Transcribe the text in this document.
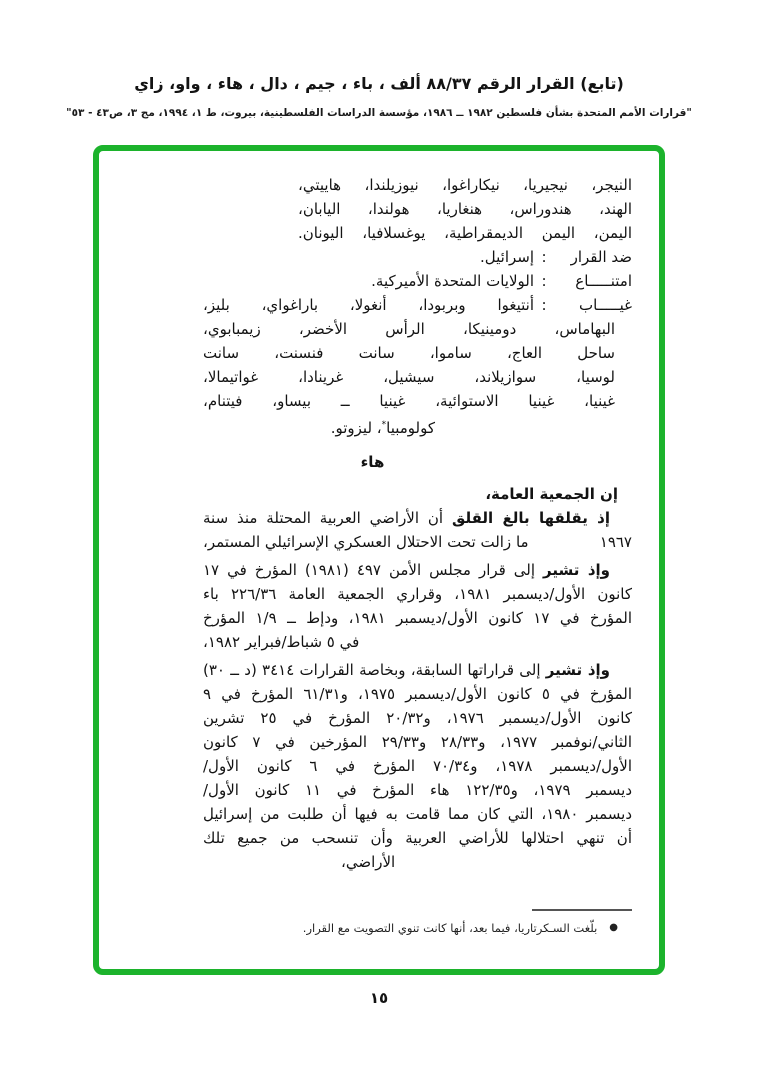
(تابع) القرار الرقم ٨٨/٣٧ ألف ، باء ، جيم ، دال ، هاء ، واو، زاي
"قرارات الأمم المتحدة بشأن فلسطين ١٩٨٢ ــ ١٩٨٦، مؤسسة الدراسات الفلسطينية، بيروت، ط ١، ١٩٩٤، مج ٣، ص٤٣ - ٥٣"
النيجر، نيجيريا، نيكاراغوا، نيوزيلندا، هاييتي،
الهند، هندوراس، هنغاريا، هولندا، اليابان،
اليمن، اليمن الديمقراطية، يوغسلافيا، اليونان.
ضد القرار
:
إسرائيل.
امتنـــــاع
:
الولايات المتحدة الأميركية.
غيـــــاب
:
أنتيغوا وبربودا، أنغولا، باراغواي، بليز،
البهاماس، دومينيكا، الرأس الأخضر، زيمبابوي،
ساحل العاج، ساموا، سانت فنسنت، سانت
لوسيا، سوازيلاند، سيشيل، غرينادا، غواتيمالا،
غينيا، غينيا الاستوائية، غينيا ــ بيساو، فيتنام،
كولومبيا*، ليزوتو.
هاء
إن الجمعية العامة،
إذ يقلقها بالغ القلق أن الأراضي العربية المحتلة منذ سنة ١٩٦٧
ما زالت تحت الاحتلال العسكري الإسرائيلي المستمر،
وإذ تشير إلى قرار مجلس الأمن ٤٩٧ (١٩٨١) المؤرخ في ١٧
كانون الأول/ديسمبر ١٩٨١، وقراري الجمعية العامة ٢٢٦/٣٦ باء
المؤرخ في ١٧ كانون الأول/ديسمبر ١٩٨١، ودإط ــ ١/٩ المؤرخ
في ٥ شباط/فبراير ١٩٨٢،
وإذ تشير إلى قراراتها السابقة، وبخاصة القرارات ٣٤١٤ (د ــ ٣٠)
المؤرخ في ٥ كانون الأول/ديسمبر ١٩٧٥، و٦١/٣١ المؤرخ في ٩
كانون الأول/ديسمبر ١٩٧٦، و٢٠/٣٢ المؤرخ في ٢٥ تشرين
الثاني/نوفمبر ١٩٧٧، و٢٨/٣٣ و٢٩/٣٣ المؤرخين في ٧ كانون
الأول/ديسمبر ١٩٧٨، و٧٠/٣٤ المؤرخ في ٦ كانون الأول/
ديسمبر ١٩٧٩، و١٢٢/٣٥ هاء المؤرخ في ١١ كانون الأول/
ديسمبر ١٩٨٠، التي كان مما قامت به فيها أن طلبت من إسرائيل
أن تنهي احتلالها للأراضي العربية وأن تنسحب من جميع تلك
الأراضي،
●
بلّغت السـكرتاريا، فيما بعد، أنها كانت تنوي التصويت مع القرار.
١٥
